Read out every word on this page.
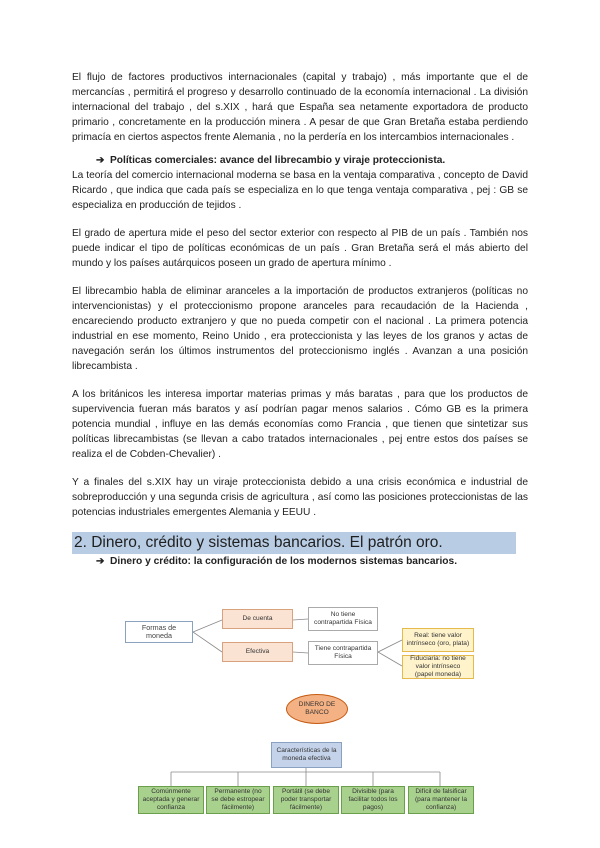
El flujo de factores productivos internacionales (capital y trabajo) , más importante que el de mercancías , permitirá el progreso y desarrollo continuado de la economía internacional . La división internacional del trabajo , del s.XIX , hará que España sea netamente exportadora de producto primario , concretamente en la producción minera . A pesar de que Gran Bretaña estaba perdiendo primacía en ciertos aspectos frente Alemania , no la perdería en los intercambios internacionales .

➔ Políticas comerciales: avance del librecambio y viraje proteccionista.

La teoría del comercio internacional moderna se basa en la ventaja comparativa , concepto de David Ricardo , que indica que cada país se especializa en lo que tenga ventaja comparativa , pej : GB se especializa en producción de tejidos .

El grado de apertura mide el peso del sector exterior con respecto al PIB de un país . También nos puede indicar el tipo de políticas económicas de un país . Gran Bretaña será el más abierto del mundo y los países autárquicos poseen un grado de apertura mínimo .

El librecambio habla de eliminar aranceles a la importación de productos extranjeros (políticas no intervencionistas) y el proteccionismo propone aranceles para recaudación de la Hacienda , encareciendo producto extranjero y que no pueda competir con el nacional . La primera potencia industrial en ese momento, Reino Unido , era proteccionista y las leyes de los granos y actas de navegación serán los últimos instrumentos del proteccionismo inglés . Avanzan a una posición librecambista .

A los británicos les interesa importar materias primas y más baratas , para que los productos de supervivencia fueran más baratos y así podrían pagar menos salarios . Cómo GB es la primera potencia mundial , influye en las demás economías como Francia , que tienen que sintetizar sus políticas librecambistas (se llevan a cabo tratados internacionales , pej entre estos dos países se realiza el de Cobden-Chevalier) .

Y a finales del s.XIX hay un viraje proteccionista debido a una crisis económica e industrial de sobreproducción y una segunda crisis de agricultura , así como las posiciones proteccionistas de las potencias industriales emergentes Alemania y EEUU .

2. Dinero, crédito y sistemas bancarios. El patrón oro.
➔ Dinero y crédito: la configuración de los modernos sistemas bancarios.
Formas de moneda
De cuenta
Efectiva
No tiene contrapartida Física
Tiene contrapartida Física
Real: tiene valor intrínseco (oro, plata)
Fiduciaria: no tiene valor intrínseco (papel moneda)
DINERO DE BANCO
Características de la moneda efectiva
Comúnmente aceptada y generar confianza
Permanente (no se debe estropear fácilmente)
Portátil (se debe poder transportar fácilmente)
Divisible (para facilitar todos los pagos)
Difícil de falsificar (para mantener la confianza)
